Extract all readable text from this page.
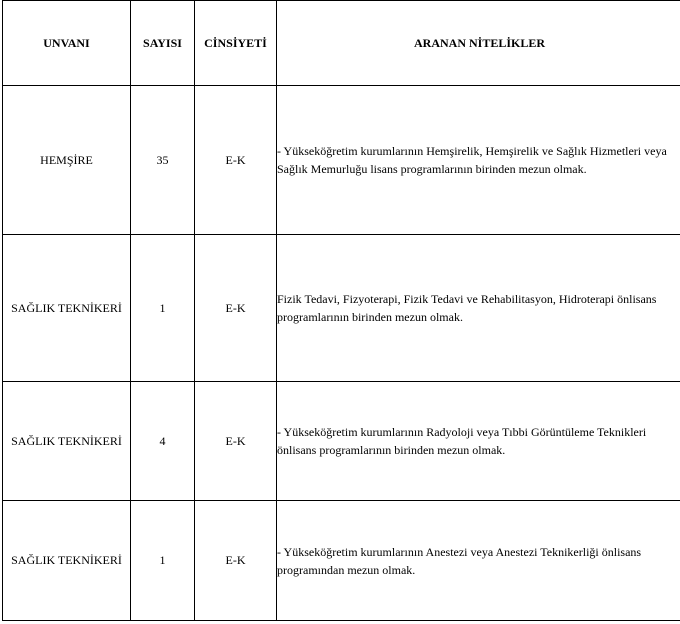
UNVANI	SAYISI	CİNSİYETİ	ARANAN NİTELİKLER
HEMŞİRE	35	E-K	- Yükseköğretim kurumlarının Hemşirelik, Hemşirelik ve Sağlık Hizmetleri veya Sağlık Memurluğu lisans programlarının birinden mezun olmak.
SAĞLIK TEKNİKERİ	1	E-K	Fizik Tedavi, Fizyoterapi, Fizik Tedavi ve Rehabilitasyon, Hidroterapi önlisans programlarının birinden mezun olmak.
SAĞLIK TEKNİKERİ	4	E-K	- Yükseköğretim kurumlarının Radyoloji veya Tıbbi Görüntüleme Teknikleri önlisans programlarının birinden mezun olmak.
SAĞLIK TEKNİKERİ	1	E-K	- Yükseköğretim kurumlarının Anestezi veya Anestezi Teknikerliği önlisans programından mezun olmak.
